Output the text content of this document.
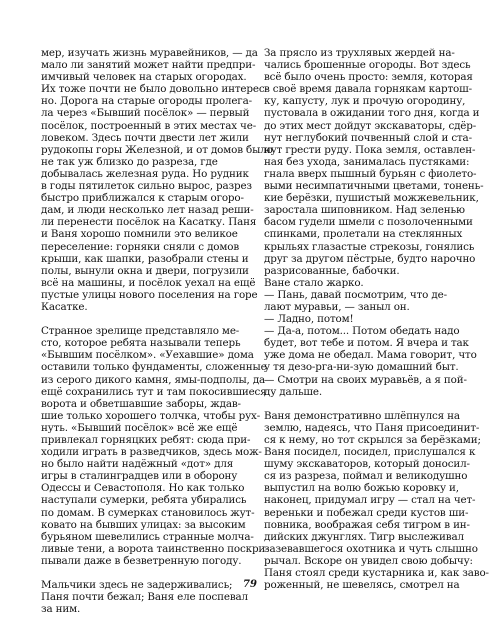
мер, изучать жизнь муравейников, — да
мало ли занятий может найти предпри-
имчивый человек на старых огородах.
Их тоже почти не было довольно интерес-
но. Дорога на старые огороды пролега-
ла через «Бывший посёлок» — первый
посёлок, построенный в этих местах че-
ловеком. Здесь почти двести лет жили
рудокопы горы Железной, и от домов было
не так уж близко до разреза, где
добывалась железная руда. Но рудник
в годы пятилеток сильно вырос, разрез
быстро приближался к старым огоро-
дам, и люди несколько лет назад реши-
ли перенести посёлок на Касатку. Паня
и Ваня хорошо помнили это великое
переселение: горняки сняли с домов
крыши, как шапки, разобрали стены и
полы, вынули окна и двери, погрузили
всё на машины, и посёлок уехал на ещё
пустые улицы нового поселения на горе
Касатке.
Странное зрелище представляло ме-
сто, которое ребята называли теперь
«Бывшим посёлком». «Уехавшие» дома
оставили только фундаменты, сложенные
из серого дикого камня, ямы-подполы, да
ещё сохранились тут и там покосившиеся
ворота и обветшавшие заборы, ждав-
шие только хорошего толчка, чтобы рух-
нуть. «Бывший посёлок» всё же ещё
привлекал горняцких ребят: сюда при-
ходили играть в разведчиков, здесь мож-
но было найти надёжный «дот» для
игры в сталинградцев или в оборону
Одессы и Севастополя. Но как только
наступали сумерки, ребята убирались
по домам. В сумерках становилось жут-
ковато на бывших улицах: за высоким
бурьяном шевелились странные молча-
ливые тени, а ворота таинственно поскри-
пывали даже в безветренную погоду.
Мальчики здесь не задерживались;
Паня почти бежал; Ваня еле поспевал
за ним.
За прясло из трухлявых жердей на-
чались брошенные огороды. Вот здесь
всё было очень просто: земля, которая
в своё время давала горнякам картош-
ку, капусту, лук и прочую огородину,
пустовала в ожидании того дня, когда и
до этих мест дойдут экскаваторы, сдёр-
нут неглубокий почвенный слой и ста-
нут грести руду. Пока земля, оставлен-
ная без ухода, занималась пустяками:
гнала вверх пышный бурьян с фиолето-
выми несимпатичными цветами, тонень-
кие берёзки, пушистый можжевельник,
заростала шиповником. Над зеленью
басом гудели шмели с позолоченными
спинками, пролетали на стеклянных
крыльях глазастые стрекозы, гонялись
друг за другом пёстрые, будто нарочно
разрисованные, бабочки.
Ване стало жарко.
— Пань, давай посмотрим, что де-
лают муравьи, — заныл он.
— Ладно, потом!
— Да-а, потом... Потом обедать надо
будет, вот тебе и потом. Я вчера и так
уже дома не обедал. Мама говорит, что
у тя дезо-рга-ни-зую домашний быт.
— Смотри на своих муравьёв, а я пой-
ду дальше.
Ваня демонстративно шлёпнулся на
землю, надеясь, что Паня присоединит-
ся к нему, но тот скрылся за берёзками;
Ваня посидел, посидел, прислушался к
шуму экскаваторов, который доносил-
ся из разреза, поймал и великодушно
выпустил на волю божью коровку и,
наконец, придумал игру — стал на чет-
вереньки и побежал среди кустов ши-
повника, воображая себя тигром в ин-
дийских джунглях. Тигр выслеживал
зазевавшегося охотника и чуть слышно
рычал. Вскоре он увидел свою добычу:
Паня стоял среди кустарника и, как заво-
роженный, не шевелясь, смотрел на
79
